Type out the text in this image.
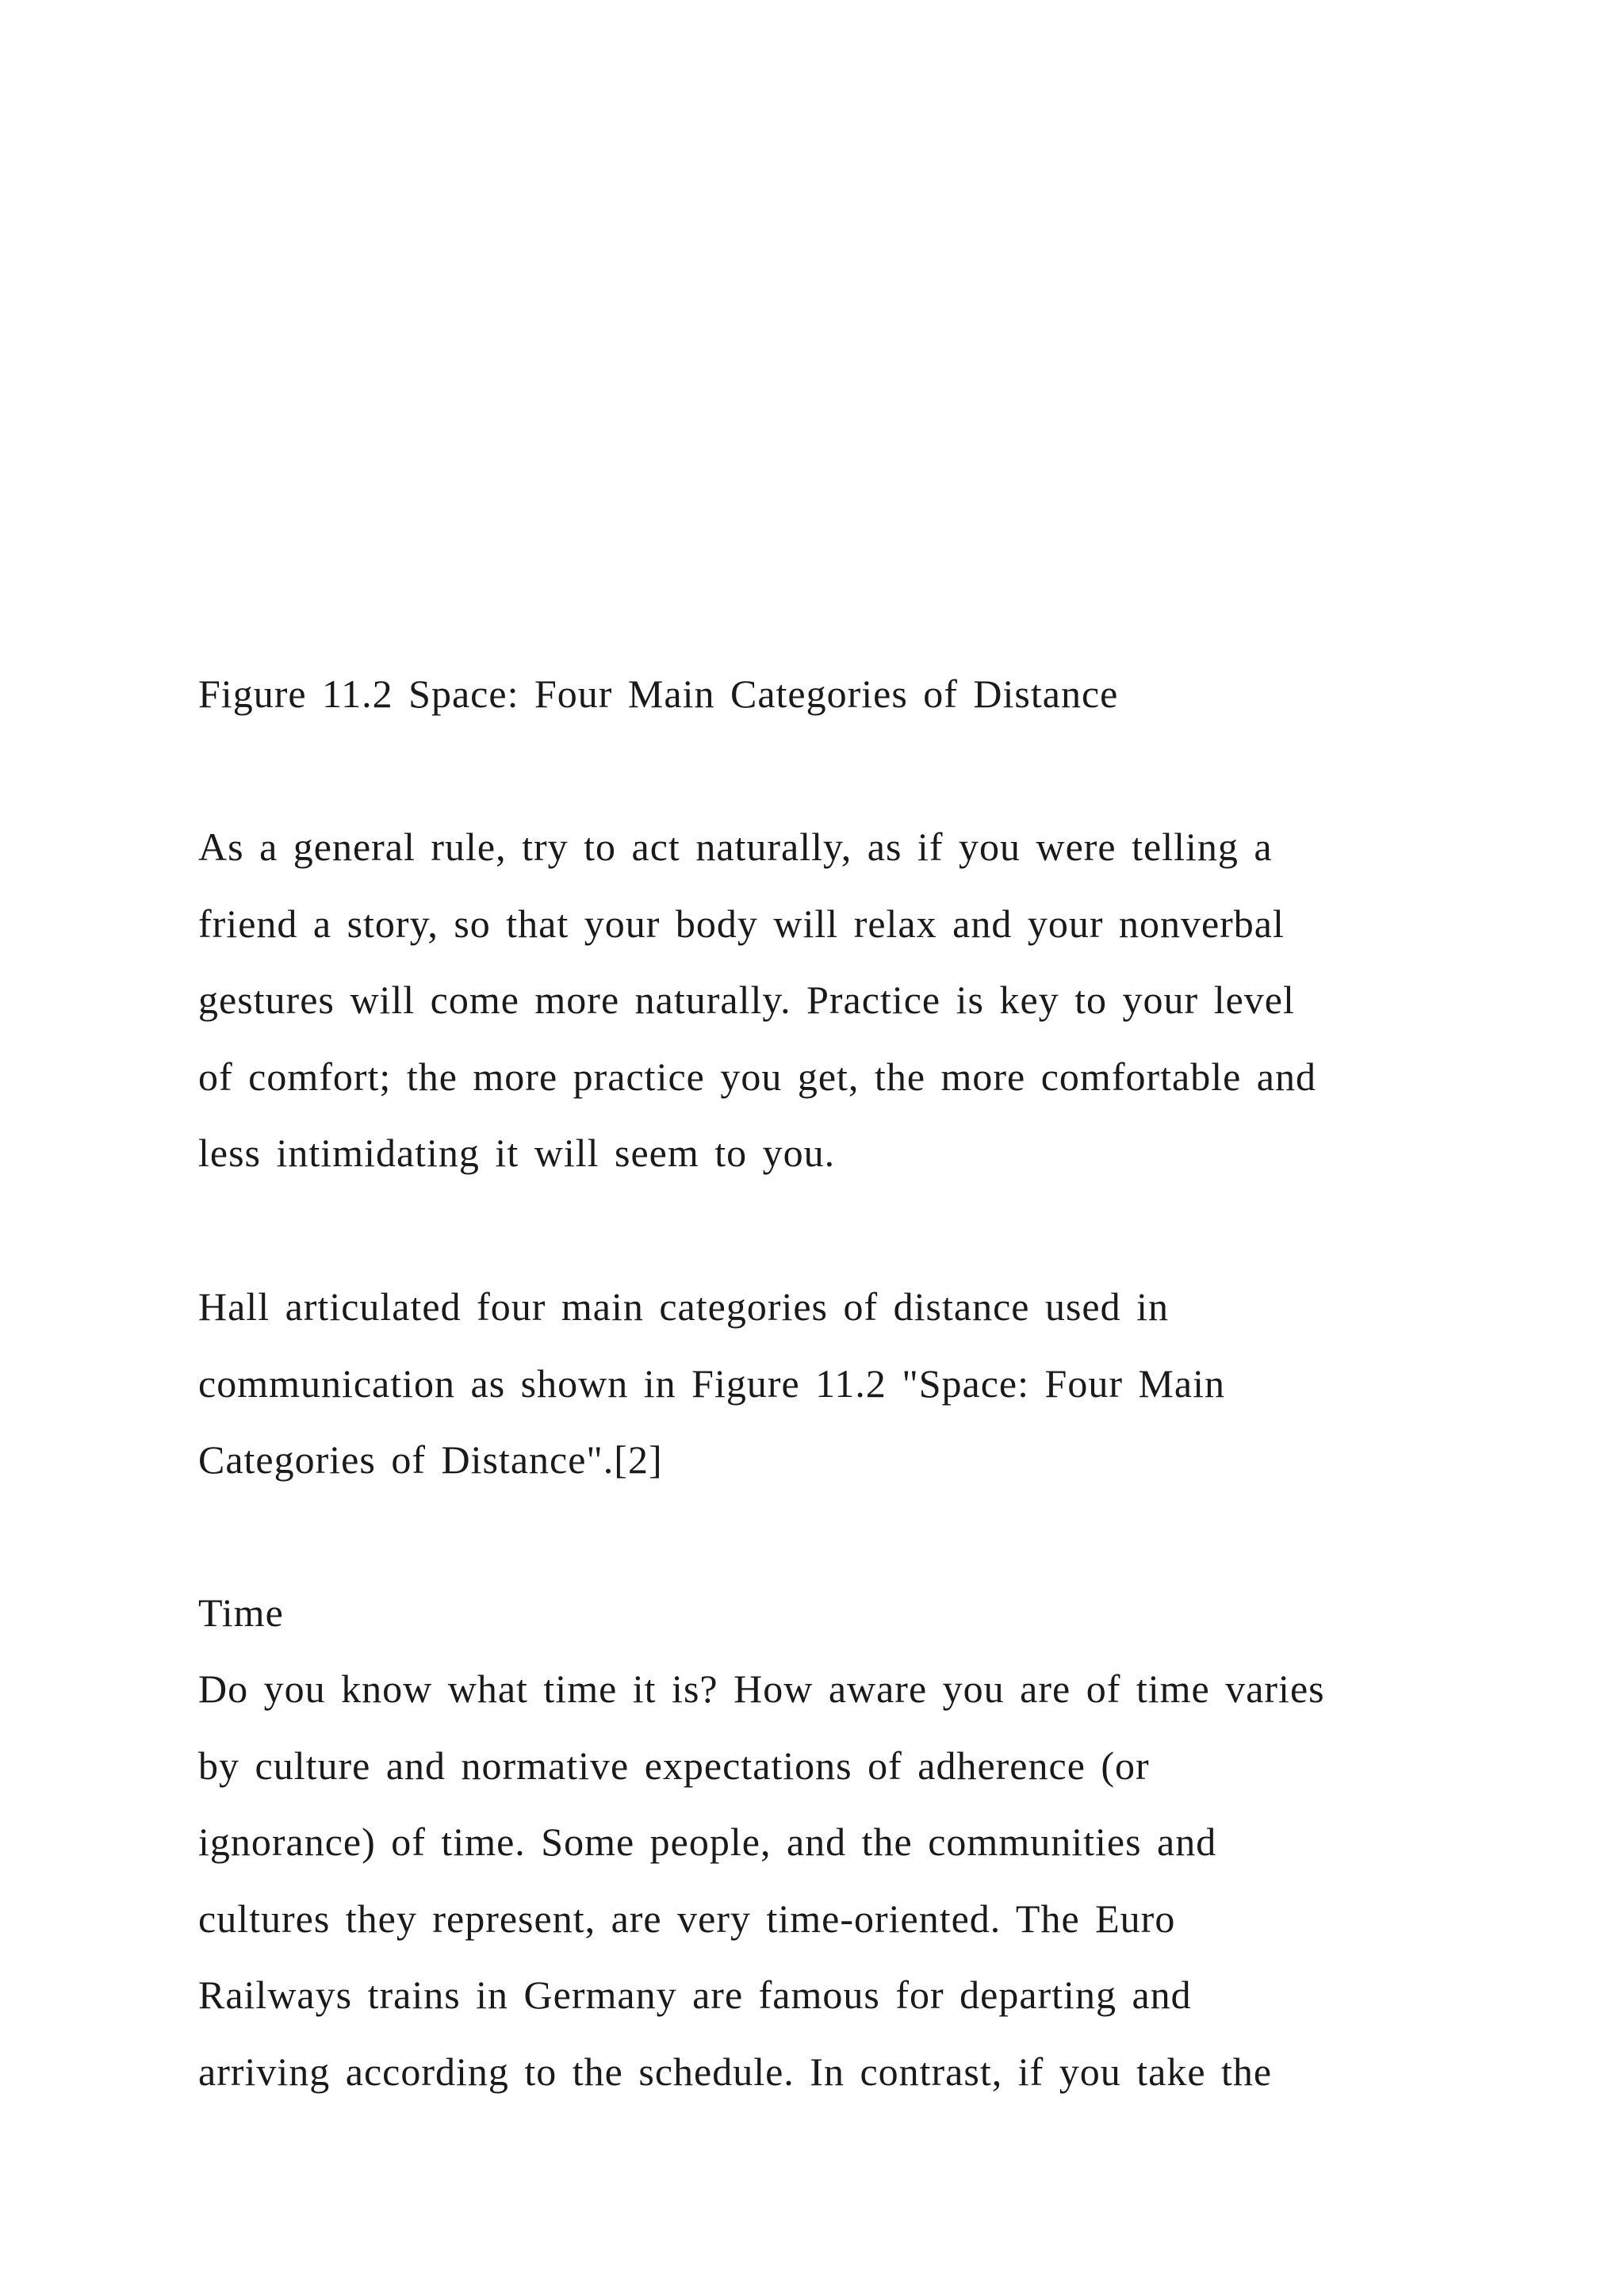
Figure 11.2 Space: Four Main Categories of Distance

As a general rule, try to act naturally, as if you were telling a
friend a story, so that your body will relax and your nonverbal
gestures will come more naturally. Practice is key to your level
of comfort; the more practice you get, the more comfortable and
less intimidating it will seem to you.

Hall articulated four main categories of distance used in
communication as shown in Figure 11.2 "Space: Four Main
Categories of Distance".[2]

Time

Do you know what time it is? How aware you are of time varies
by culture and normative expectations of adherence (or
ignorance) of time. Some people, and the communities and
cultures they represent, are very time-oriented. The Euro
Railways trains in Germany are famous for departing and
arriving according to the schedule. In contrast, if you take the
